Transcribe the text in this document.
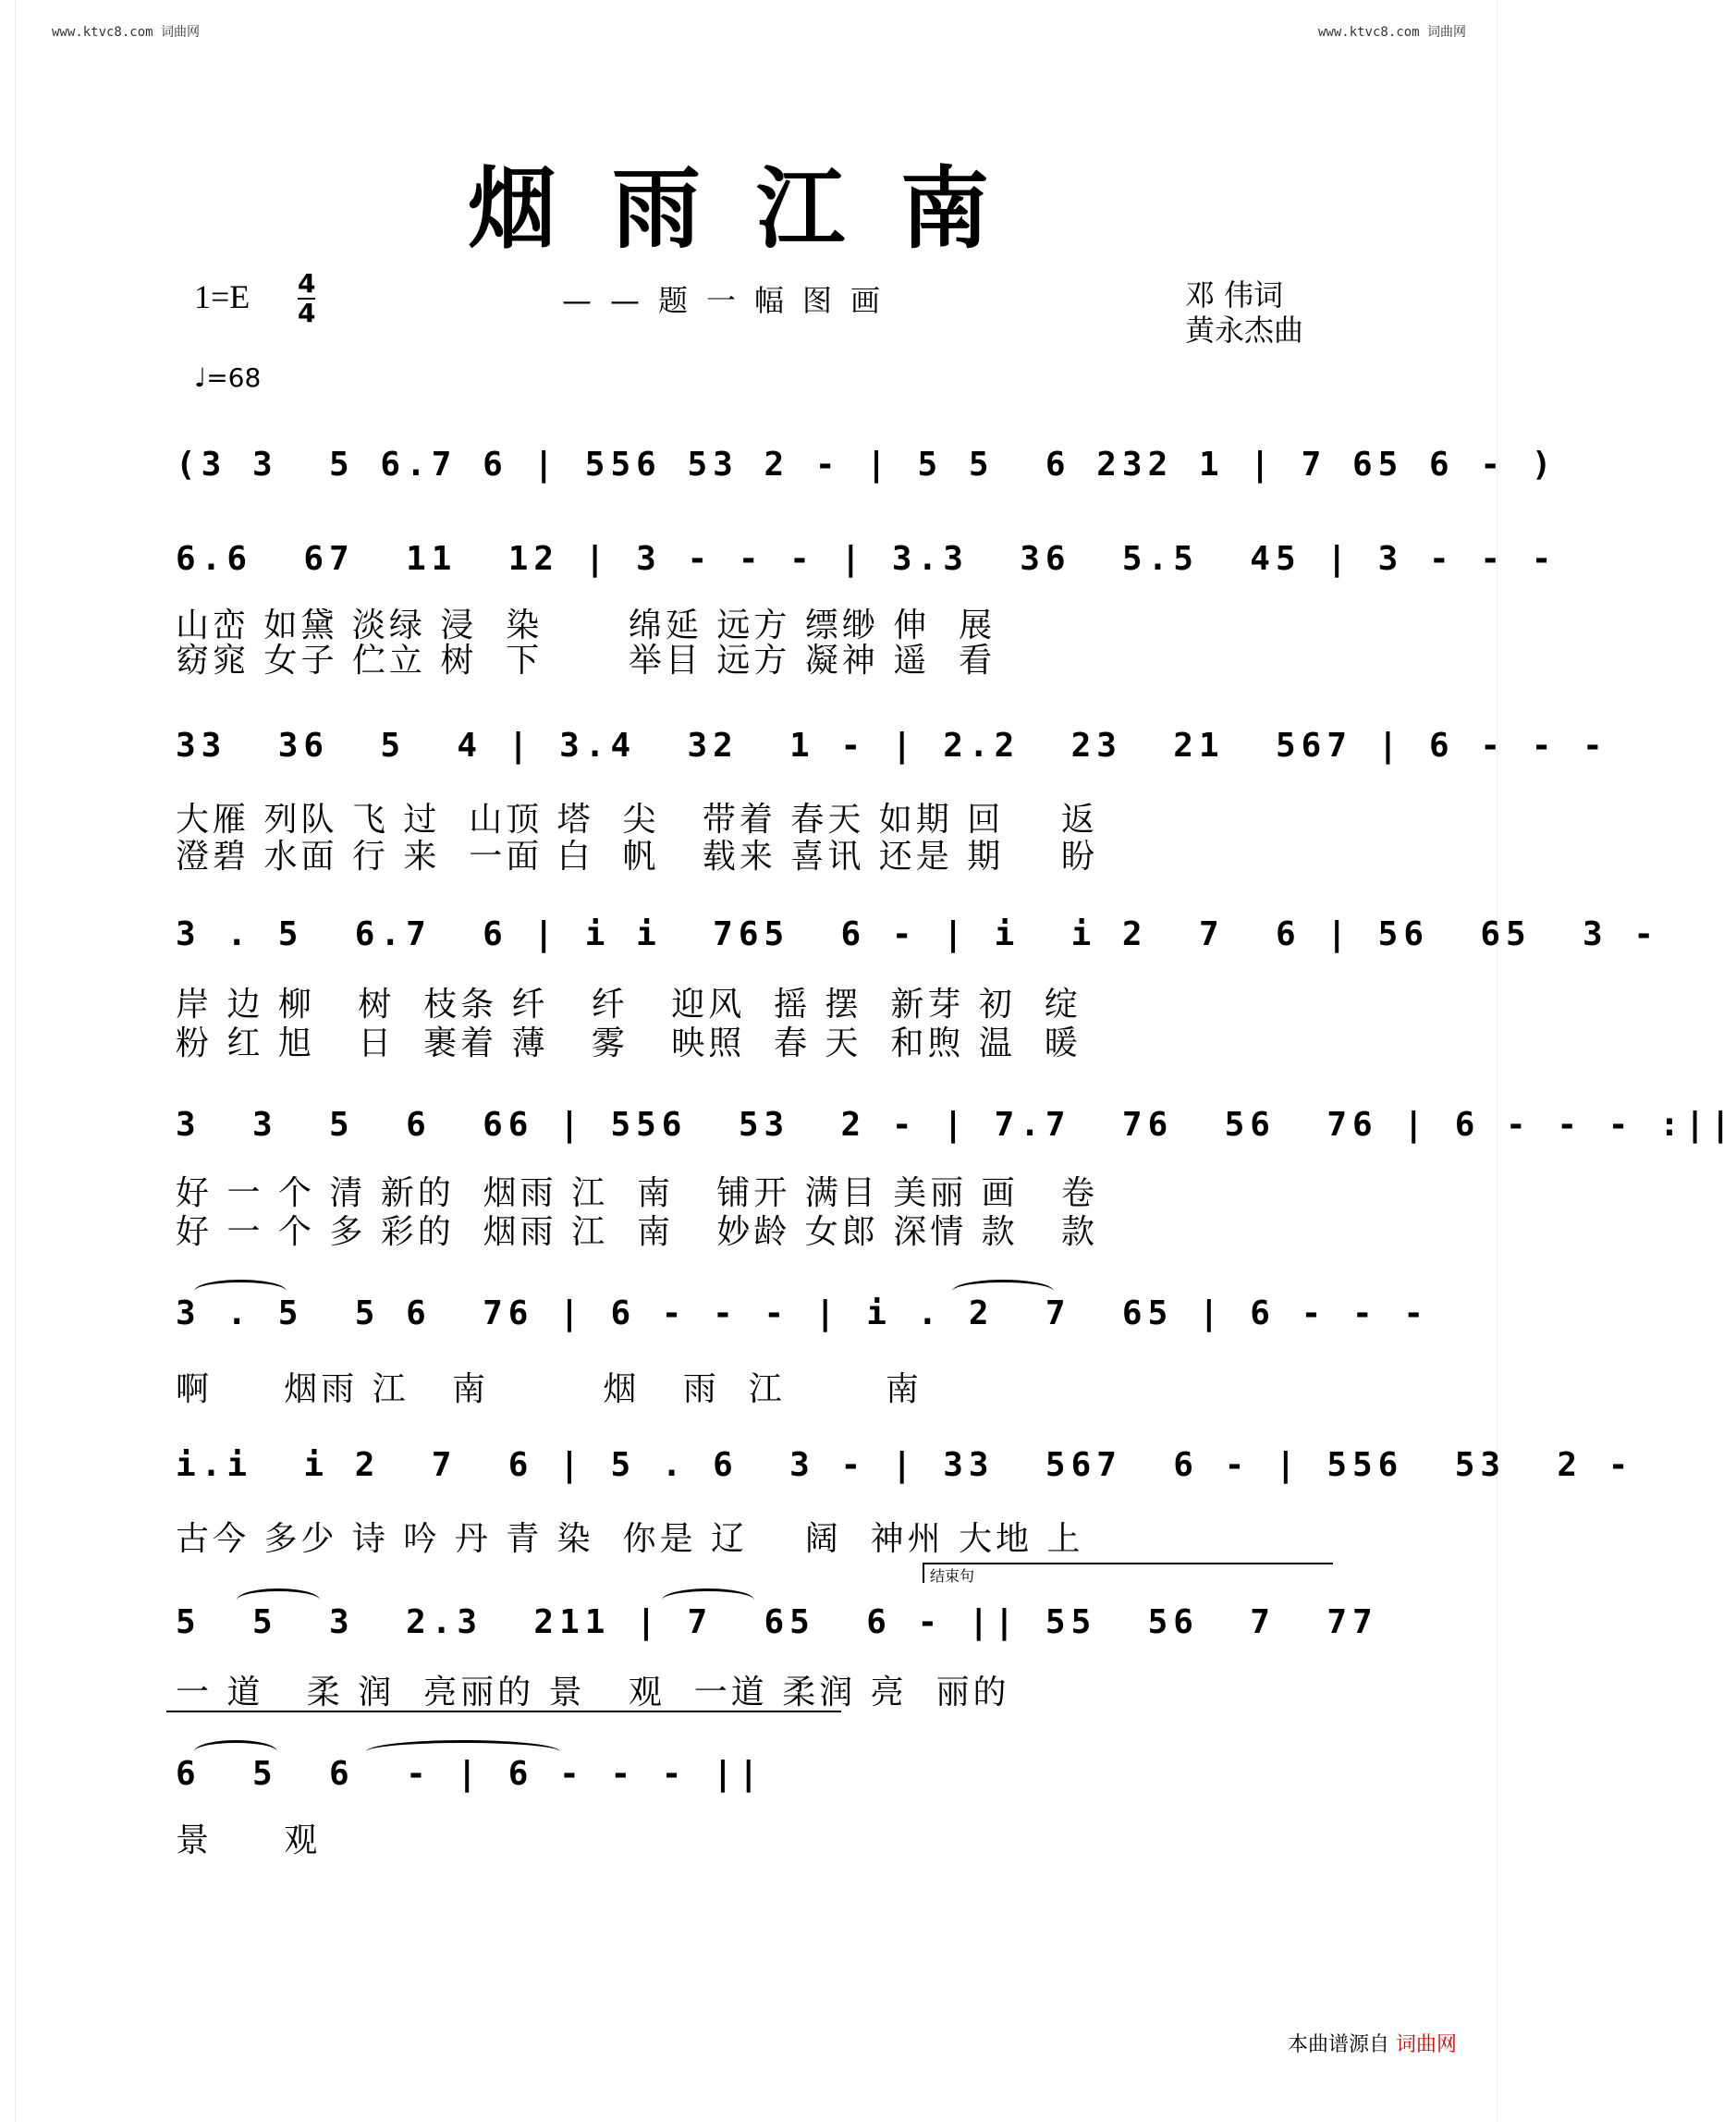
www.ktvc8.com 词曲网	www.ktvc8.com 词曲网
烟雨江南
1=E 4
4	——题一幅图画	邓 伟词
黄永杰曲
♩=68
(3 3  5 6.7 6 | 556 53 2 - | 5 5  6 232 1 | 7 65 6 - )
6.6  67  11  12 | 3 - - - | 3.3  36  5.5  45 | 3 - - -
山峦 如黛 淡绿 浸  染      绵延 远方 缥缈 伸  展
窈窕 女子 伫立 树  下      举目 远方 凝神 遥  看
33  36  5  4 | 3.4  32  1 - | 2.2  23  21  567 | 6 - - -
大雁 列队 飞 过  山顶 塔  尖   带着 春天 如期 回    返
澄碧 水面 行 来  一面 白  帆   载来 喜讯 还是 期    盼
3 . 5  6.7  6 | i i  765  6 - | i  i 2  7  6 | 56  65  3 -
岸 边 柳   树  枝条 纤   纤   迎风  摇 摆  新芽 初  绽
粉 红 旭   日  裹着 薄   雾   映照  春 天  和煦 温  暖
3  3  5  6  66 | 556  53  2 - | 7.7  76  56  76 | 6 - - - :||
好 一 个 清 新的  烟雨 江  南   铺开 满目 美丽 画   卷
好 一 个 多 彩的  烟雨 江  南   妙龄 女郎 深情 款   款
3 . 5  5 6  76 | 6 - - - | i . 2  7  65 | 6 - - -
啊     烟雨 江   南        烟   雨  江       南
i.i  i 2  7  6 | 5 . 6  3 - | 33  567  6 - | 556  53  2 -
古今 多少 诗 吟 丹 青 染  你是 辽    阔  神州 大地 上
结束句
5  5  3  2.3  211 | 7  65  6 - || 55  56  7  77
一 道   柔 润  亮丽的 景   观  一道 柔润 亮  丽的
6  5  6  - | 6 - - - ||
景     观
本曲谱源自 词曲网
